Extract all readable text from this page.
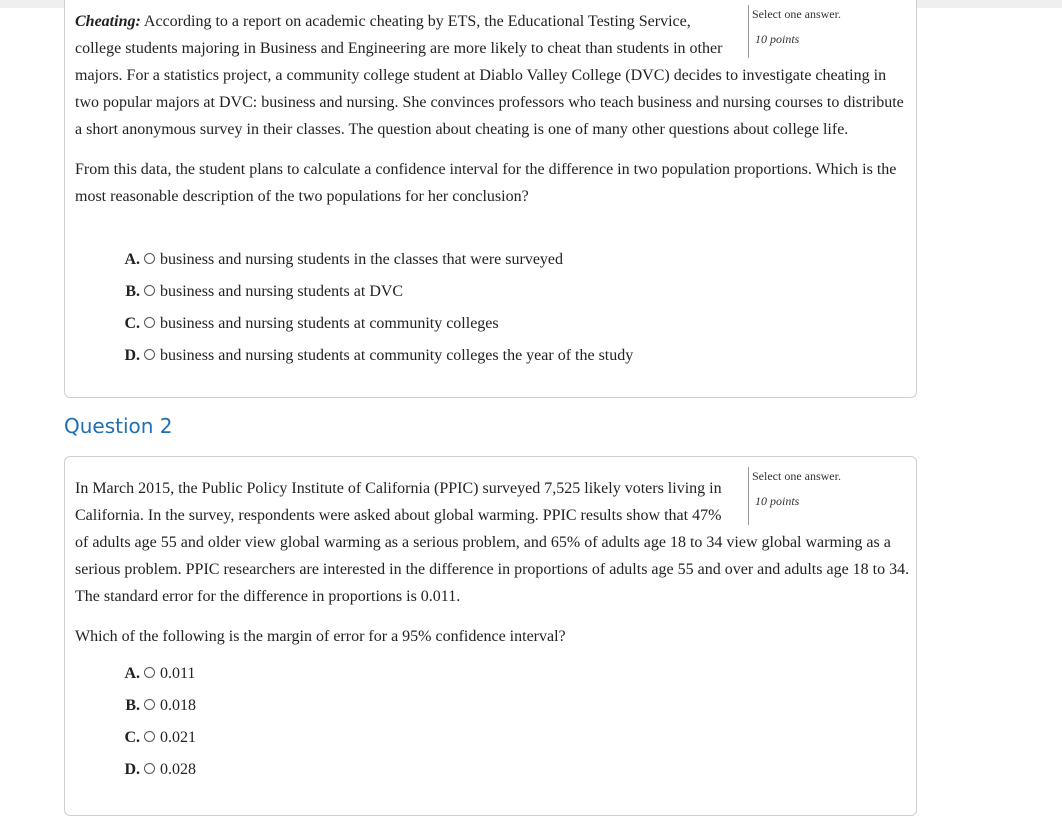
Select one answer.
10 points

Cheating: According to a report on academic cheating by ETS, the Educational Testing Service, college students majoring in Business and Engineering are more likely to cheat than students in other majors. For a statistics project, a community college student at Diablo Valley College (DVC) decides to investigate cheating in two popular majors at DVC: business and nursing. She convinces professors who teach business and nursing courses to distribute a short anonymous survey in their classes. The question about cheating is one of many other questions about college life.

From this data, the student plans to calculate a confidence interval for the difference in two population proportions. Which is the most reasonable description of the two populations for her conclusion?

A. business and nursing students in the classes that were surveyed
B. business and nursing students at DVC
C. business and nursing students at community colleges
D. business and nursing students at community colleges the year of the study
Question 2
Select one answer.
10 points

In March 2015, the Public Policy Institute of California (PPIC) surveyed 7,525 likely voters living in California. In the survey, respondents were asked about global warming. PPIC results show that 47% of adults age 55 and older view global warming as a serious problem, and 65% of adults age 18 to 34 view global warming as a serious problem. PPIC researchers are interested in the difference in proportions of adults age 55 and over and adults age 18 to 34. The standard error for the difference in proportions is 0.011.

Which of the following is the margin of error for a 95% confidence interval?

A. 0.011
B. 0.018
C. 0.021
D. 0.028
